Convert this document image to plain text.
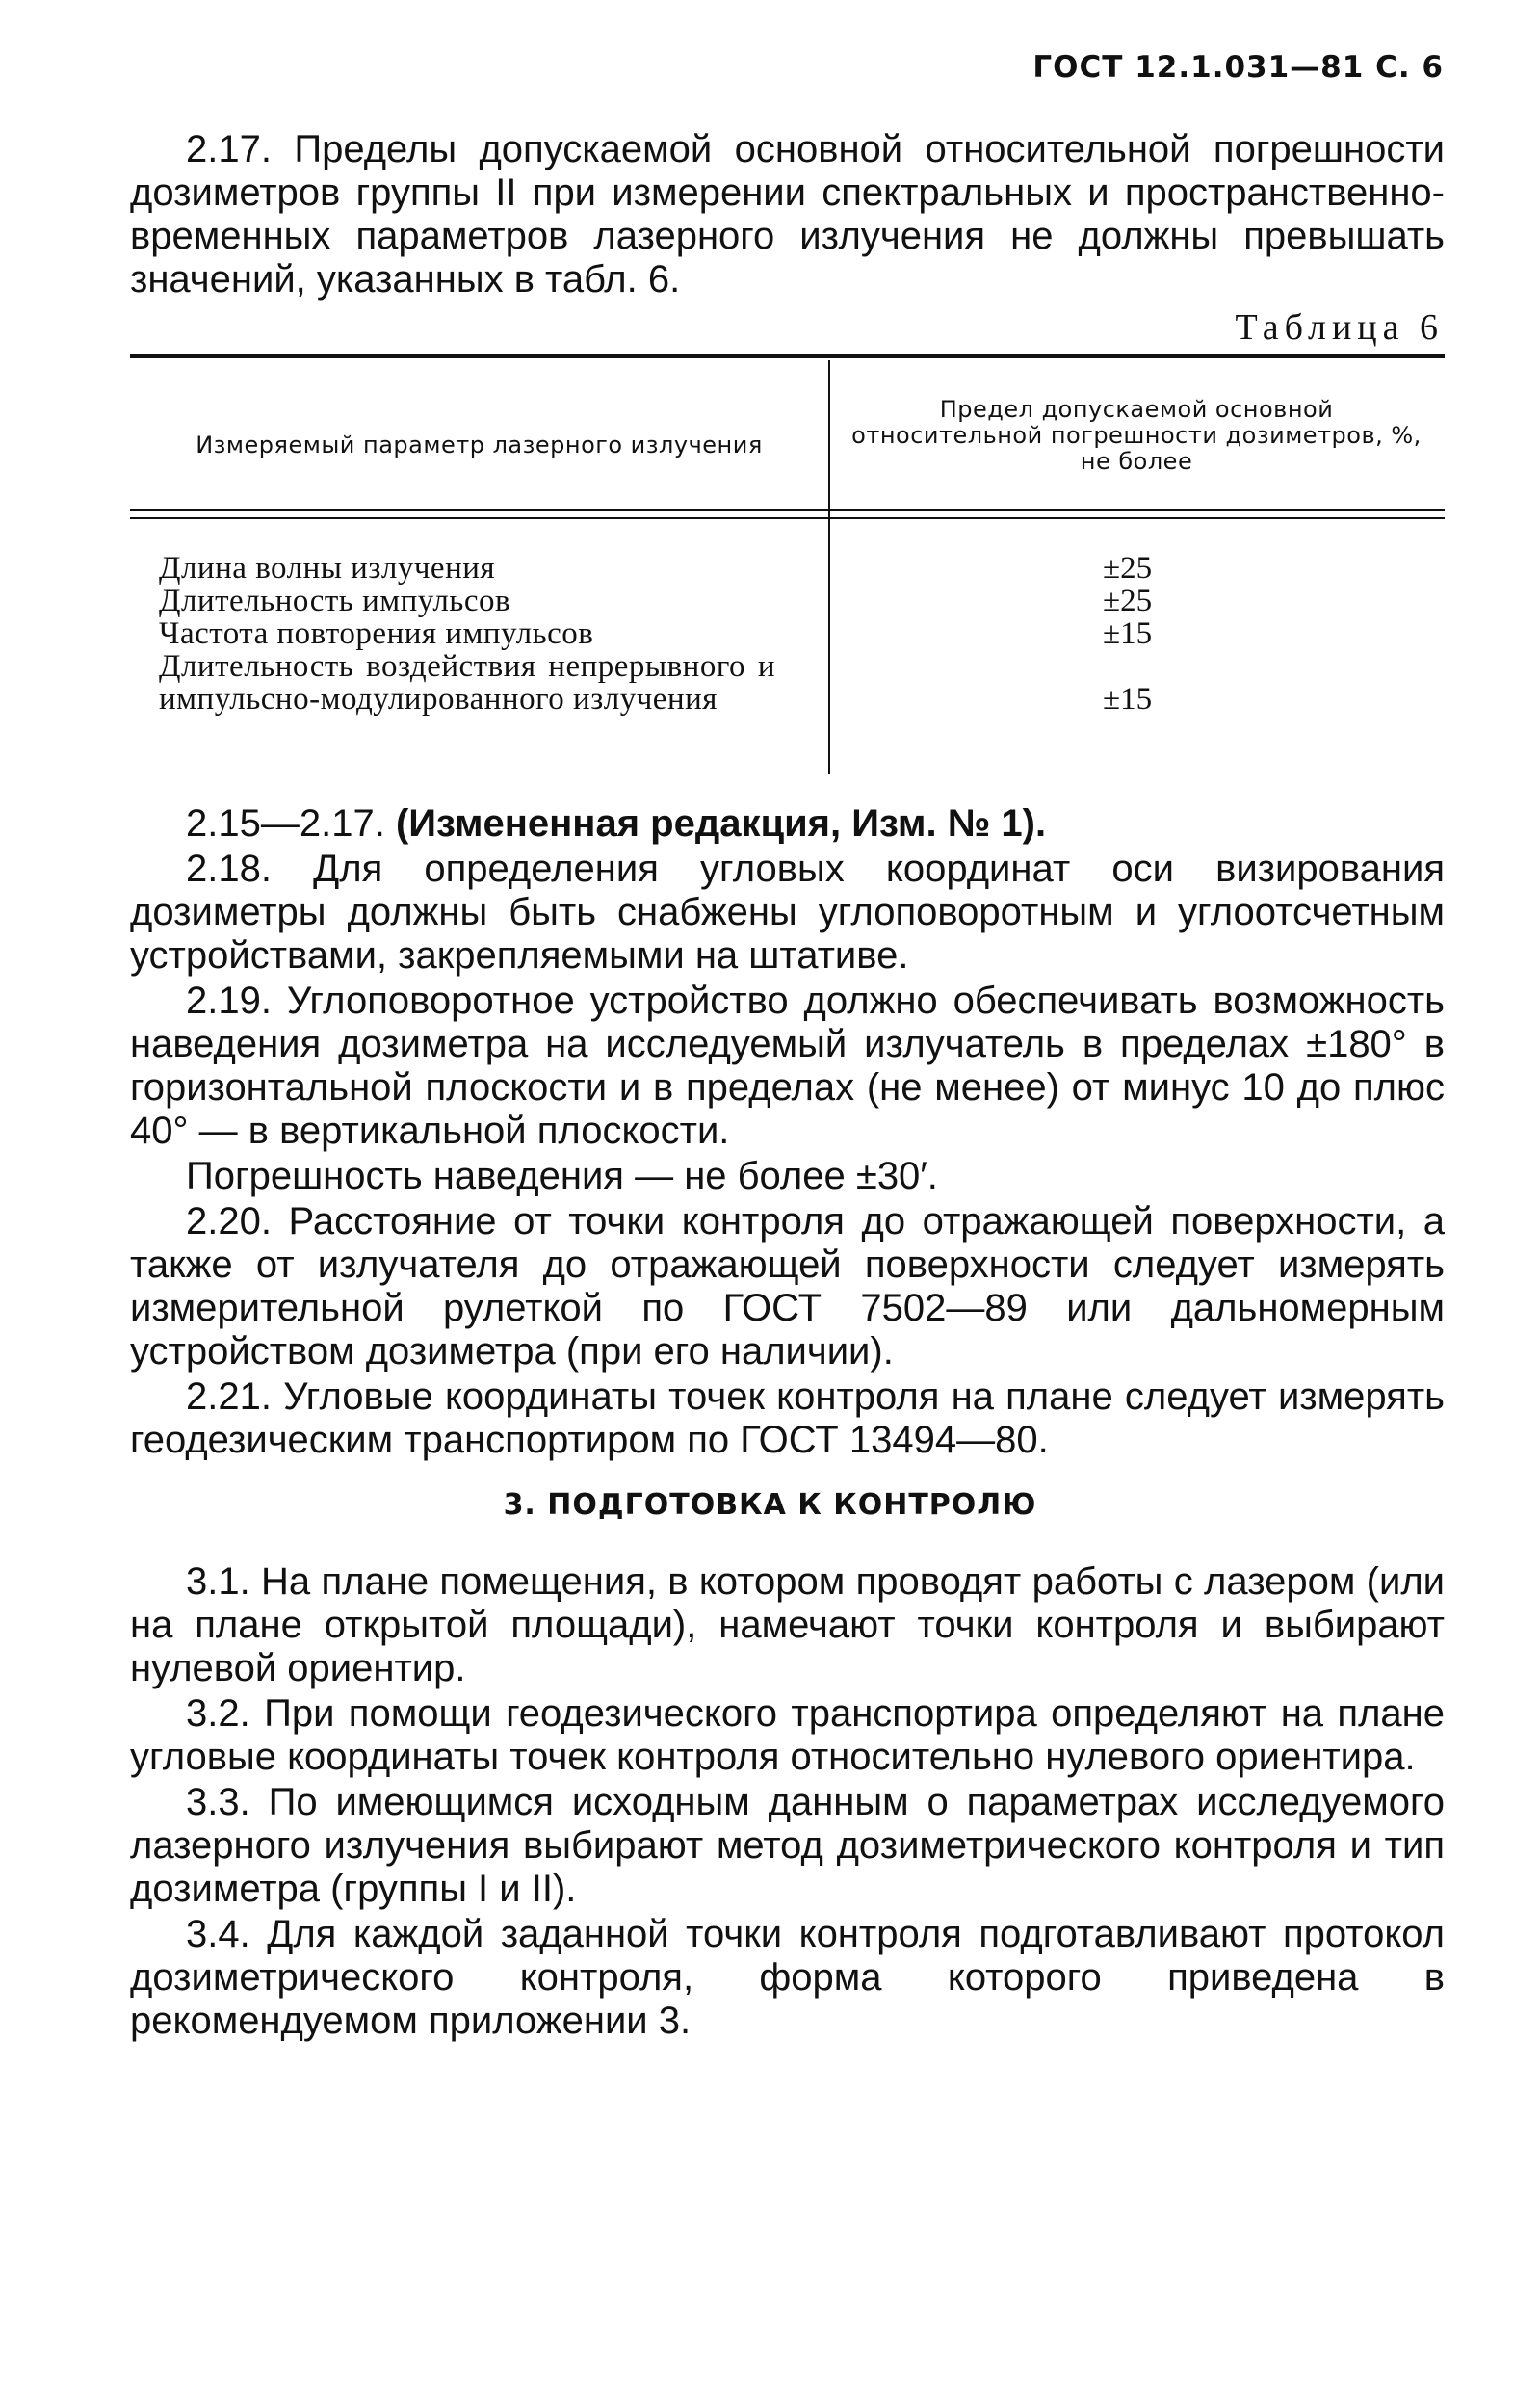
ГОСТ 12.1.031—81 С. 6

2.17. Пределы допускаемой основной относительной погрешности дозиметров группы II при измерении спектральных и пространственно-временных параметров лазерного излучения не должны превышать значений, указанных в табл. 6.

Таблица 6
Измеряемый параметр лазерного излучения
Предел допускаемой основной относительной погрешности дозиметров, %, не более
Длина волны излучения	±25
Длительность импульсов	±25
Частота повторения импульсов	±15
Длительность воздействия непрерывного и импульсно-модулированного излучения	±15

2.15—2.17. (Измененная редакция, Изм. № 1).

2.18. Для определения угловых координат оси визирования дозиметры должны быть снабжены углоповоротным и углоотсчетным устройствами, закрепляемыми на штативе.

2.19. Углоповоротное устройство должно обеспечивать возможность наведения дозиметра на исследуемый излучатель в пределах ±180° в горизонтальной плоскости и в пределах (не менее) от минус 10 до плюс 40° — в вертикальной плоскости.

Погрешность наведения — не более ±30′.

2.20. Расстояние от точки контроля до отражающей поверхности, а также от излучателя до отражающей поверхности следует измерять измерительной рулеткой по ГОСТ 7502—89 или дальномерным устройством дозиметра (при его наличии).

2.21. Угловые координаты точек контроля на плане следует измерять геодезическим транспортиром по ГОСТ 13494—80.

3. ПОДГОТОВКА К КОНТРОЛЮ

3.1. На плане помещения, в котором проводят работы с лазером (или на плане открытой площади), намечают точки контроля и выбирают нулевой ориентир.

3.2. При помощи геодезического транспортира определяют на плане угловые координаты точек контроля относительно нулевого ориентира.

3.3. По имеющимся исходным данным о параметрах исследуемого лазерного излучения выбирают метод дозиметрического контроля и тип дозиметра (группы I и II).

3.4. Для каждой заданной точки контроля подготавливают протокол дозиметрического контроля, форма которого приведена в рекомендуемом приложении 3.
